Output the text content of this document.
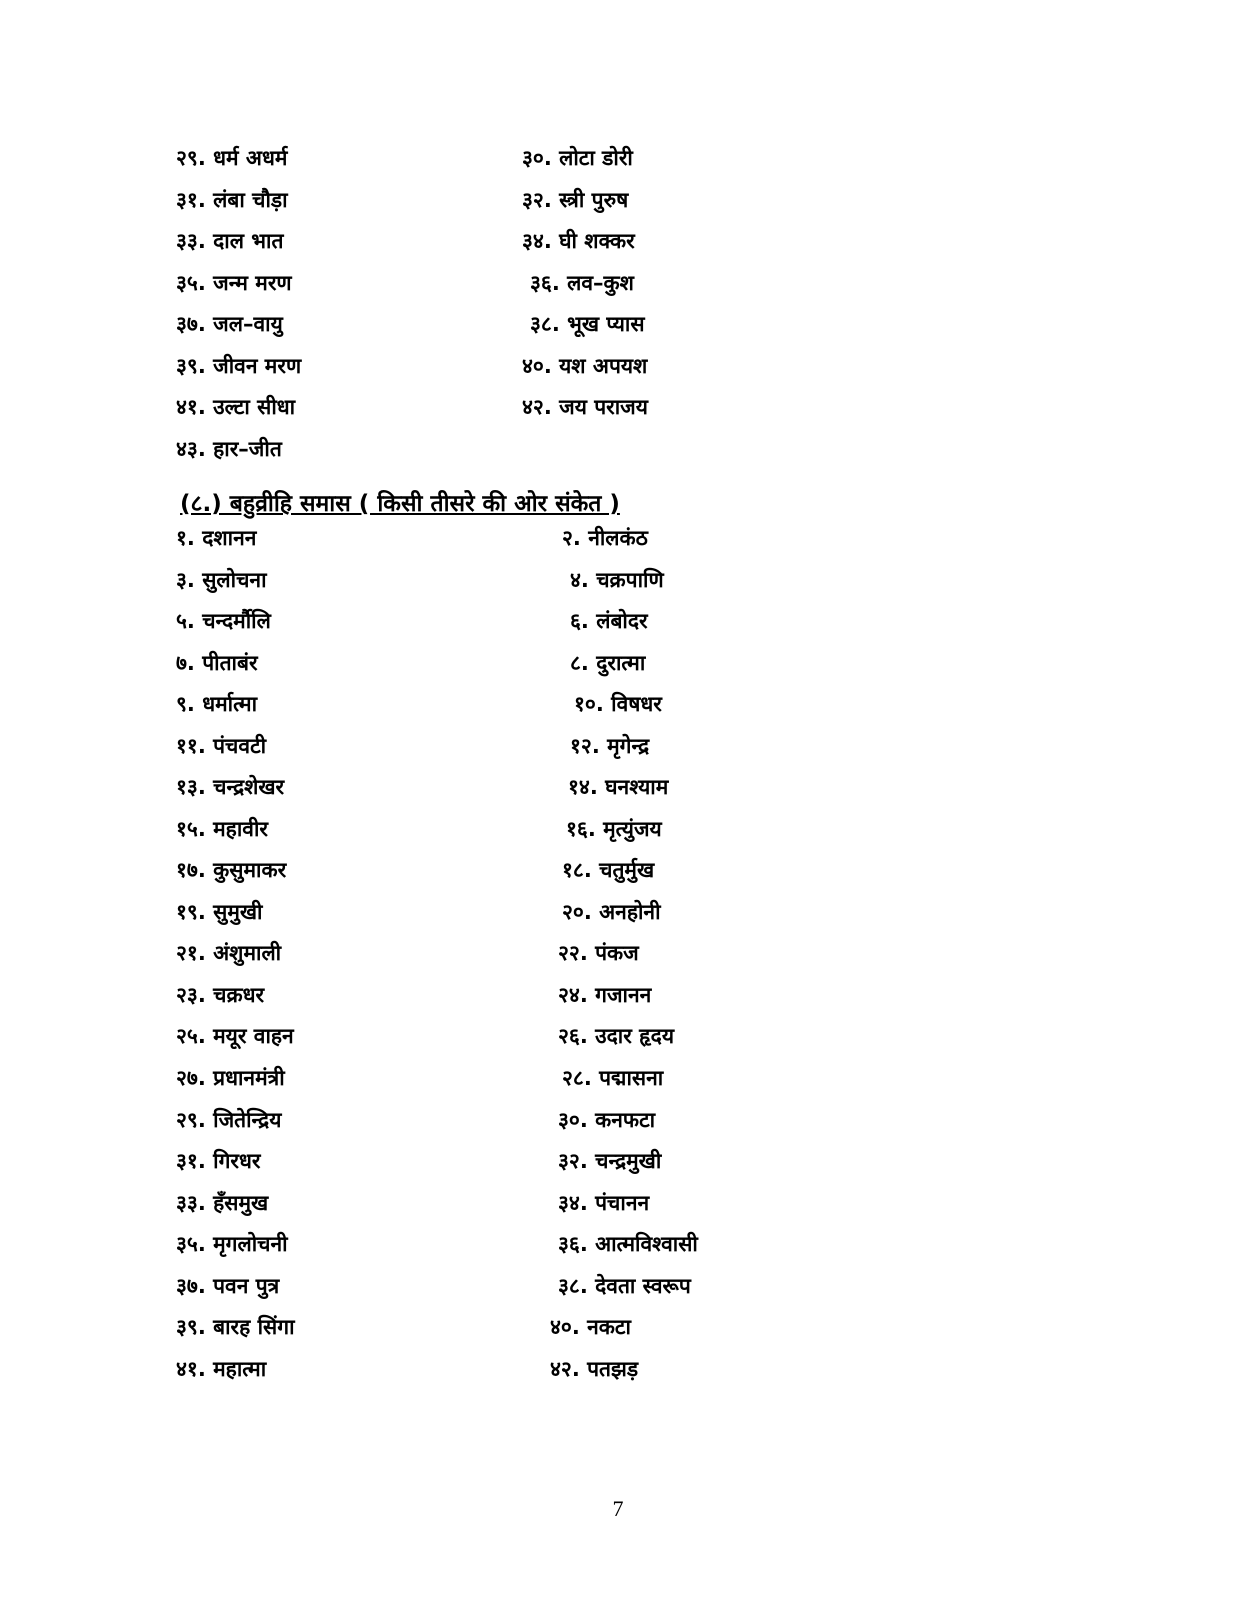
२९. धर्म अधर्म	३०. लोटा डोरी
३१. लंबा चौड़ा	३२. स्त्री पुरुष
३३. दाल भात	३४. घी शक्कर
३५. जन्म मरण	३६. लव–कुश
३७. जल–वायु	३८. भूख प्यास
३९. जीवन मरण	४०. यश अपयश
४१. उल्टा सीधा	४२. जय पराजय
४३. हार–जीत
(८.) बहुव्रीहि समास ( किसी तीसरे की ओर संकेत )
१. दशानन	२. नीलकंठ
३. सुलोचना	४. चक्रपाणि
५. चन्दर्मौलि	६. लंबोदर
७. पीताबंर	८. दुरात्मा
९. धर्मात्मा	१०. विषधर
११. पंचवटी	१२. मृगेन्द्र
१३. चन्द्रशेखर	१४. घनश्याम
१५. महावीर	१६. मृत्युंजय
१७. कुसुमाकर	१८. चतुर्मुख
१९. सुमुखी	२०. अनहोनी
२१. अंशुमाली	२२. पंकज
२३. चक्रधर	२४. गजानन
२५. मयूर वाहन	२६. उदार हृदय
२७. प्रधानमंत्री	२८. पद्मासना
२९. जितेन्द्रिय	३०. कनफटा
३१. गिरधर	३२. चन्द्रमुखी
३३. हँसमुख	३४. पंचानन
३५. मृगलोचनी	३६. आत्मविश्वासी
३७. पवन पुत्र	३८. देवता स्वरूप
३९. बारह सिंगा	४०. नकटा
४१. महात्मा	४२. पतझड़
7
